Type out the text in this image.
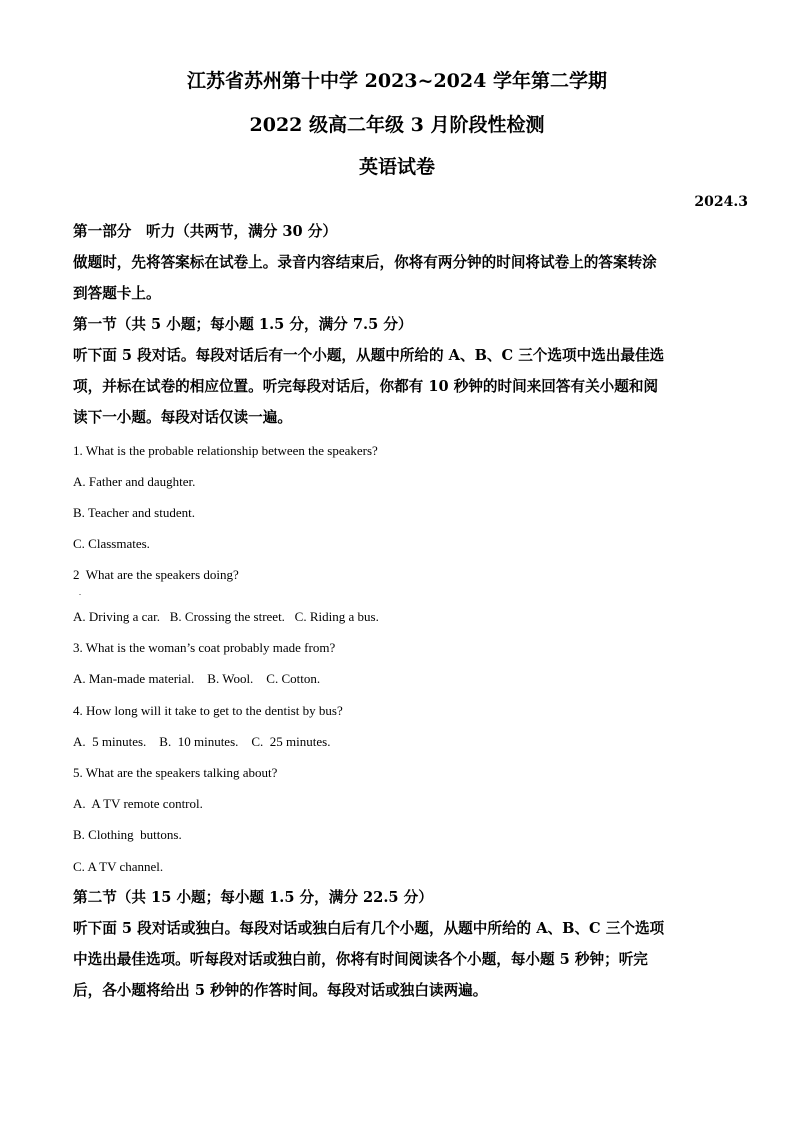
江苏省苏州第十中学 2023~2024 学年第二学期
2022 级高二年级 3 月阶段性检测
英语试卷
2024.3
第一部分　听力（共两节，满分 30 分）
做题时，先将答案标在试卷上。录音内容结束后，你将有两分钟的时间将试卷上的答案转涂
到答题卡上。
第一节（共 5 小题；每小题 1.5 分，满分 7.5 分）
听下面 5 段对话。每段对话后有一个小题，从题中所给的 A、B、C 三个选项中选出最佳选
项，并标在试卷的相应位置。听完每段对话后，你都有 10 秒钟的时间来回答有关小题和阅
读下一小题。每段对话仅读一遍。
1. What is the probable relationship between the speakers?
A. Father and daughter.
B. Teacher and student.
C. Classmates.
2  What are the speakers doing?
.
A. Driving a car.   B. Crossing the street.   C. Riding a bus.
3. What is the woman’s coat probably made from?
A. Man-made material.    B. Wool.    C. Cotton.
4. How long will it take to get to the dentist by bus?
A.  5 minutes.    B.  10 minutes.    C.  25 minutes.
5. What are the speakers talking about?
A.  A TV remote control.
B. Clothing  buttons.
C. A TV channel.
第二节（共 15 小题；每小题 1.5 分，满分 22.5 分）
听下面 5 段对话或独白。每段对话或独白后有几个小题，从题中所给的 A、B、C 三个选项
中选出最佳选项。听每段对话或独白前，你将有时间阅读各个小题，每小题 5 秒钟；听完
后，各小题将给出 5 秒钟的作答时间。每段对话或独白读两遍。
